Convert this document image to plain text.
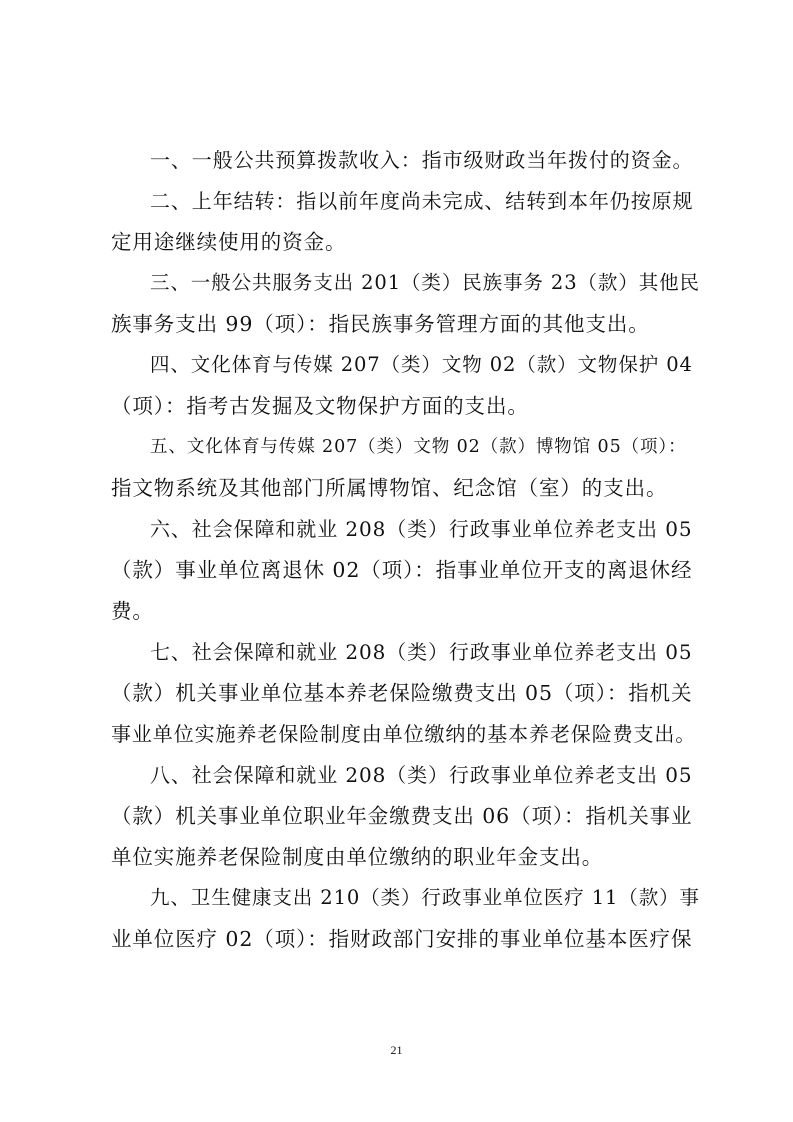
一、一般公共预算拨款收入：指市级财政当年拨付的资金。
二、上年结转：指以前年度尚未完成、结转到本年仍按原规
定用途继续使用的资金。
三、一般公共服务支出 201（类）民族事务 23（款）其他民
族事务支出 99（项）：指民族事务管理方面的其他支出。
四、文化体育与传媒 207（类）文物 02（款）文物保护 04
（项）：指考古发掘及文物保护方面的支出。
五、文化体育与传媒 207（类）文物 02（款）博物馆 05（项）：
指文物系统及其他部门所属博物馆、纪念馆（室）的支出。
六、社会保障和就业 208（类）行政事业单位养老支出 05
（款）事业单位离退休 02（项）：指事业单位开支的离退休经
费。
七、社会保障和就业 208（类）行政事业单位养老支出 05
（款）机关事业单位基本养老保险缴费支出 05（项）：指机关
事业单位实施养老保险制度由单位缴纳的基本养老保险费支出。
八、社会保障和就业 208（类）行政事业单位养老支出 05
（款）机关事业单位职业年金缴费支出 06（项）：指机关事业
单位实施养老保险制度由单位缴纳的职业年金支出。
九、卫生健康支出 210（类）行政事业单位医疗 11（款）事
业单位医疗 02（项）：指财政部门安排的事业单位基本医疗保
21
